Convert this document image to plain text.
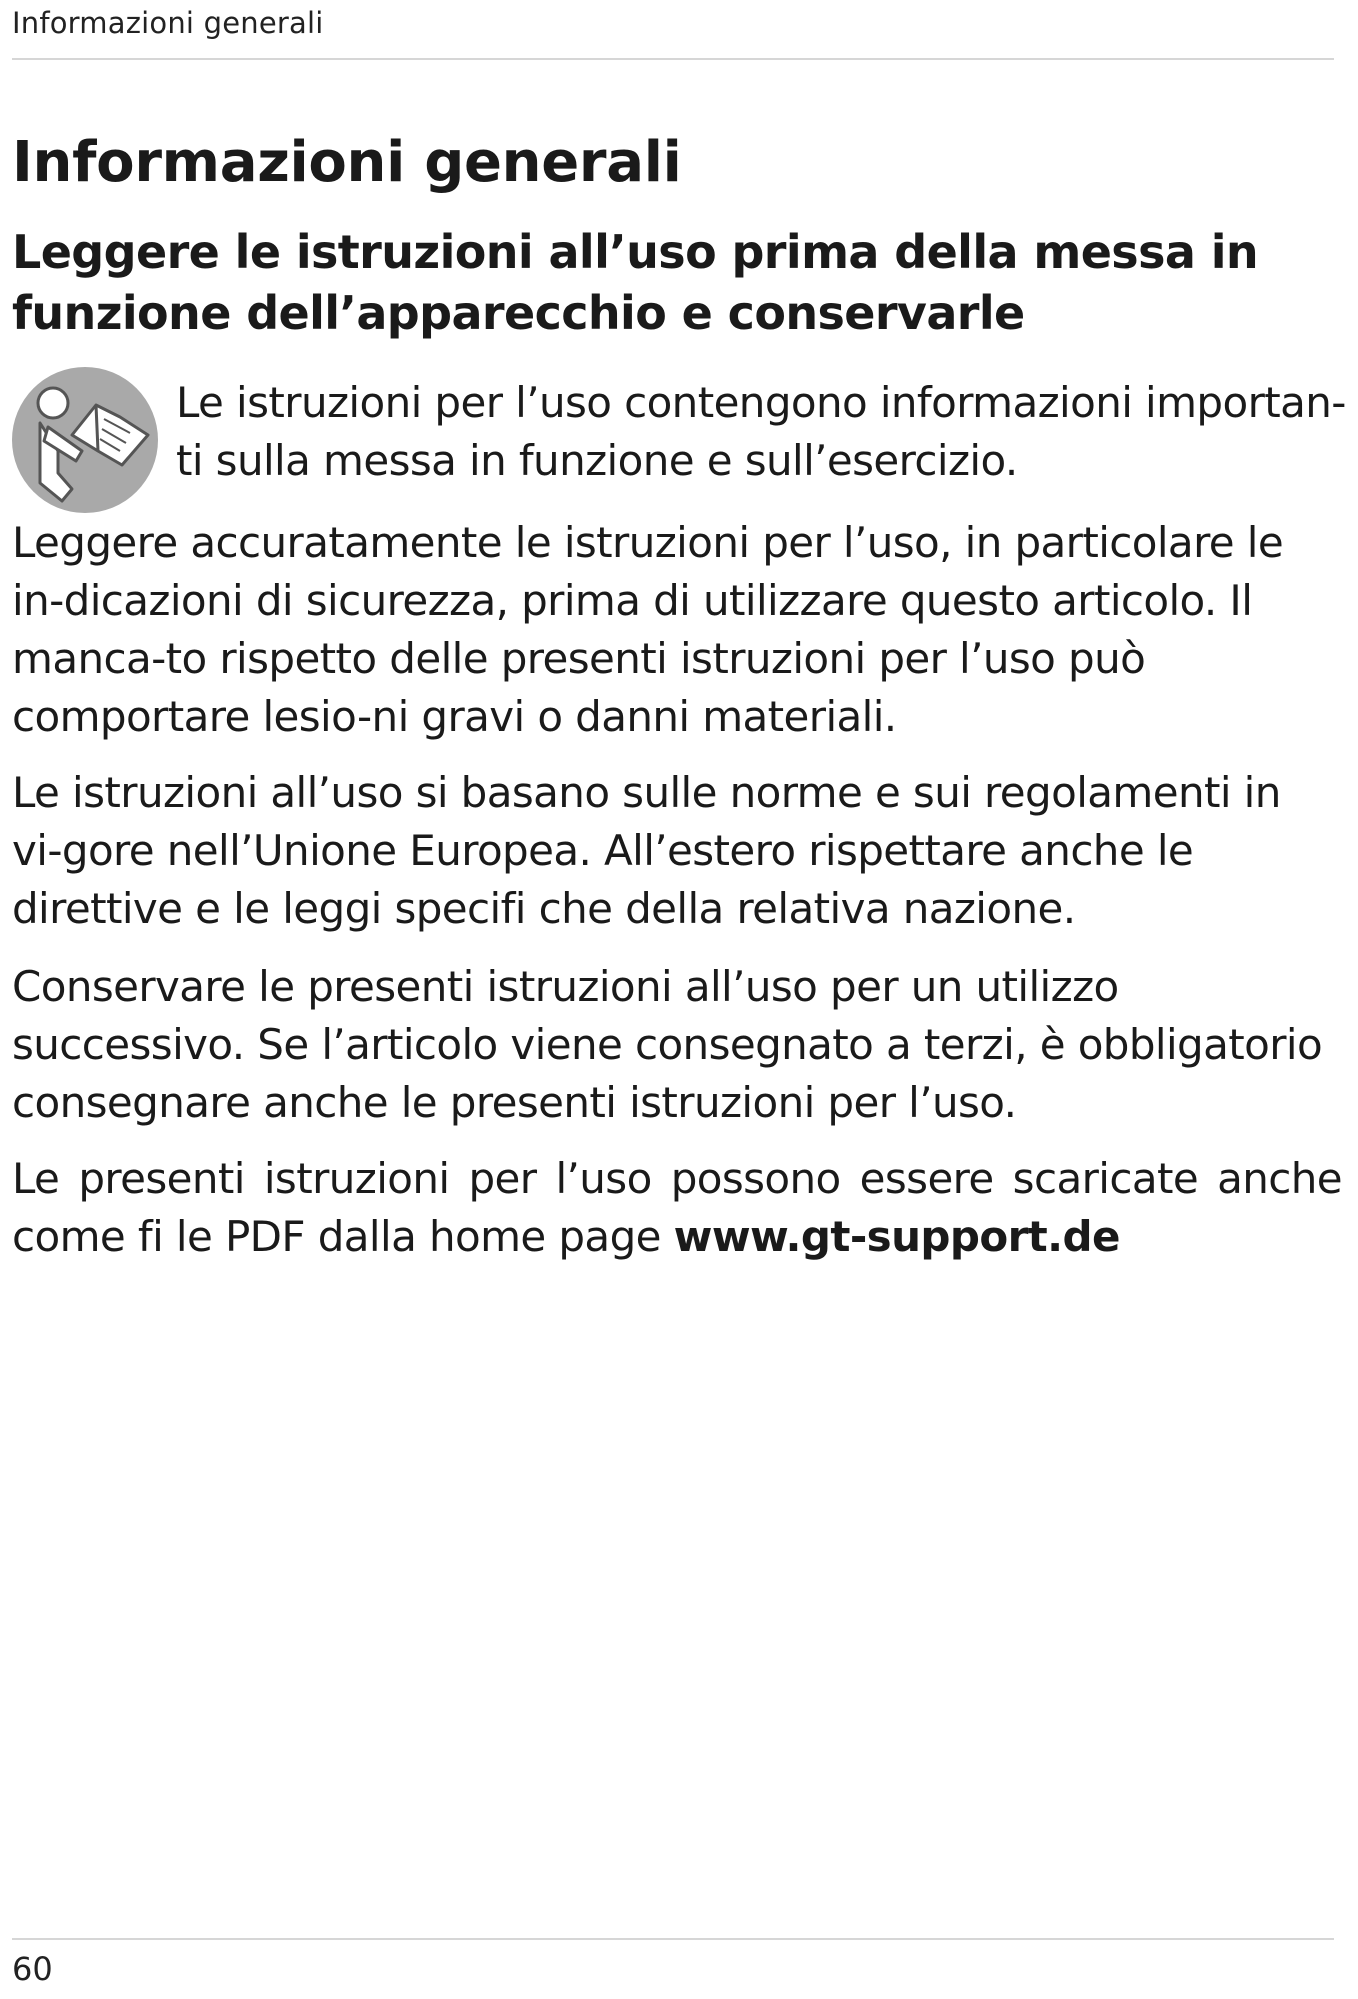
Informazioni generali
Informazioni generali
Leggere le istruzioni all’uso prima della messa in funzione dell’apparecchio e conservarle

Le istruzioni per l’uso contengono informazioni importan-ti sulla messa in funzione e sull’esercizio.

Leggere accuratamente le istruzioni per l’uso, in particolare le in-dicazioni di sicurezza, prima di utilizzare questo articolo. Il manca-to rispetto delle presenti istruzioni per l’uso può comportare lesio-ni gravi o danni materiali.

Le istruzioni all’uso si basano sulle norme e sui regolamenti in vi-gore nell’Unione Europea. All’estero rispettare anche le direttive e le leggi specifi che della relativa nazione.

Conservare le presenti istruzioni all’uso per un utilizzo successivo. Se l’articolo viene consegnato a terzi, è obbligatorio consegnare anche le presenti istruzioni per l’uso.

Le presenti istruzioni per l’uso possono essere scaricate anche come fi le PDF dalla home page www.gt-support.de

60
